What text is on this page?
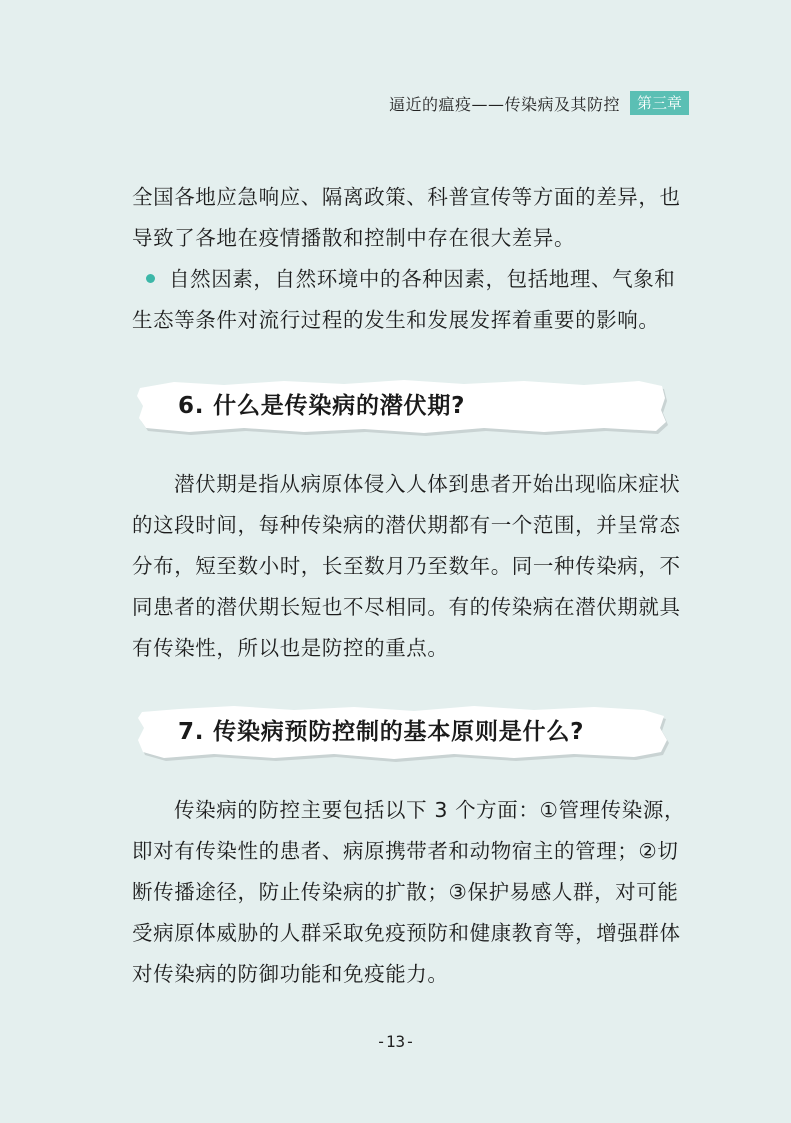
逼近的瘟疫——传染病及其防控	第三章

全国各地应急响应、隔离政策、科普宣传等方面的差异，也导致了各地在疫情播散和控制中存在很大差异。

自然因素，自然环境中的各种因素，包括地理、气象和生态等条件对流行过程的发生和发展发挥着重要的影响。

6. 什么是传染病的潜伏期?

潜伏期是指从病原体侵入人体到患者开始出现临床症状的这段时间，每种传染病的潜伏期都有一个范围，并呈常态分布，短至数小时，长至数月乃至数年。同一种传染病，不同患者的潜伏期长短也不尽相同。有的传染病在潜伏期就具有传染性，所以也是防控的重点。

7. 传染病预防控制的基本原则是什么?

传染病的防控主要包括以下 3 个方面：①管理传染源，即对有传染性的患者、病原携带者和动物宿主的管理；②切断传播途径，防止传染病的扩散；③保护易感人群，对可能受病原体威胁的人群采取免疫预防和健康教育等，增强群体对传染病的防御功能和免疫能力。

-13-
